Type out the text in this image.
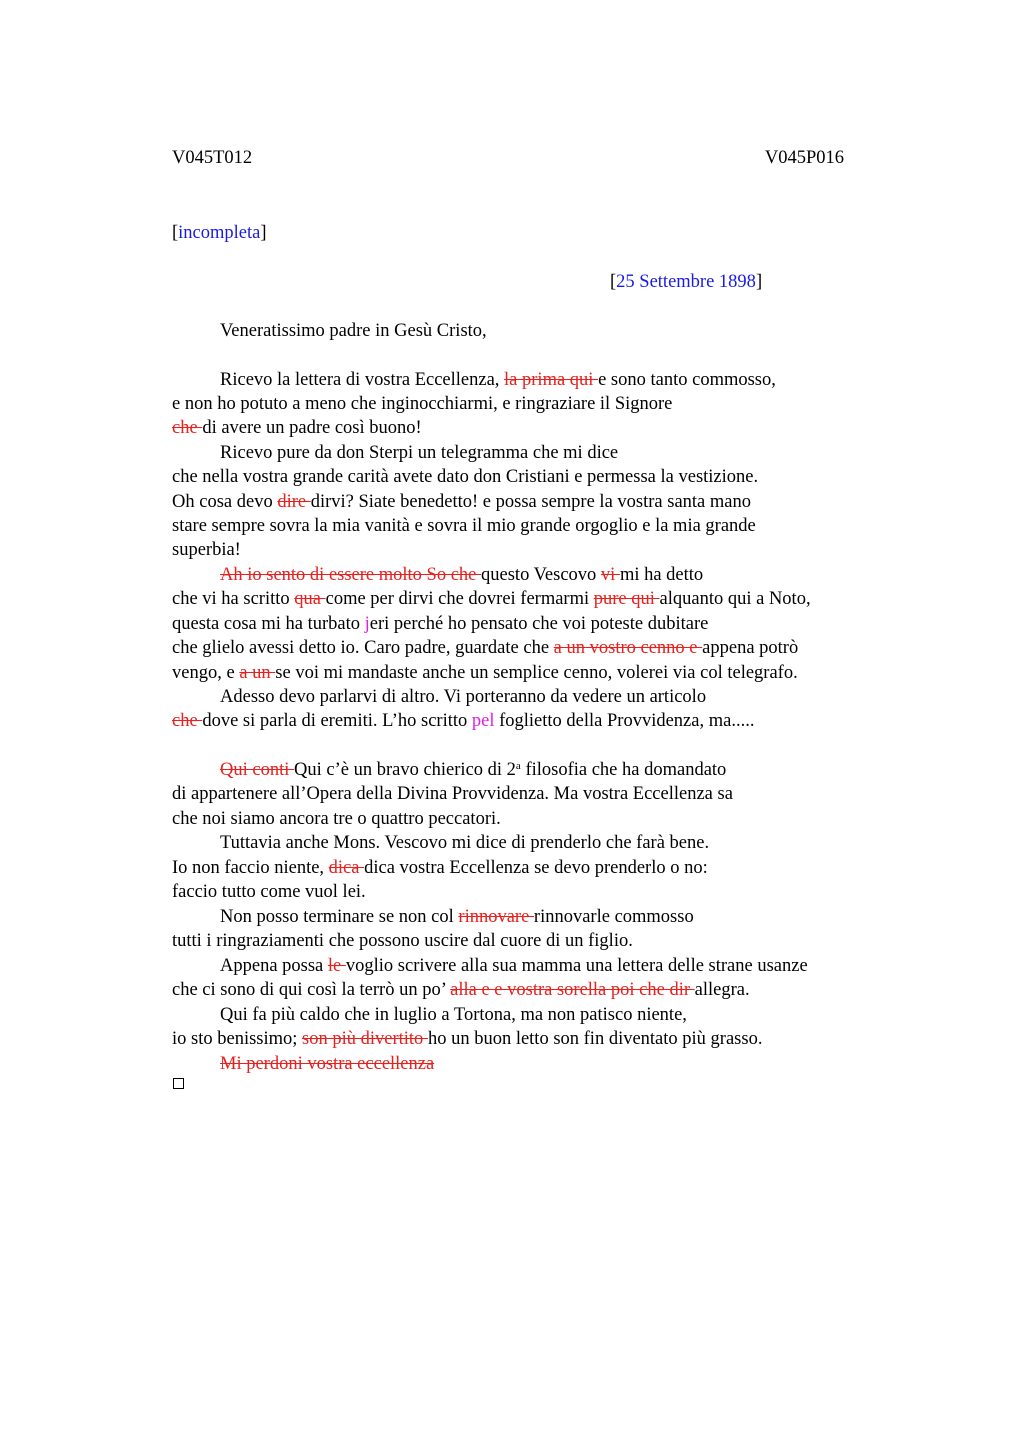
V045T012	V045P016
[incompleta]
[25 Settembre 1898]
Veneratissimo padre in Gesù Cristo,
Ricevo la lettera di vostra Eccellenza, la prima qui e sono tanto commosso,
e non ho potuto a meno che inginocchiarmi, e ringraziare il Signore
che di avere un padre così buono!
Ricevo pure da don Sterpi un telegramma che mi dice
che nella vostra grande carità avete dato don Cristiani e permessa la vestizione.
Oh cosa devo dire dirvi? Siate benedetto! e possa sempre la vostra santa mano
stare sempre sovra la mia vanità e sovra il mio grande orgoglio e la mia grande
superbia!
Ah io sento di essere molto So che questo Vescovo vi mi ha detto
che vi ha scritto qua come per dirvi che dovrei fermarmi pure qui alquanto qui a Noto,
questa cosa mi ha turbato jeri perché ho pensato che voi poteste dubitare
che glielo avessi detto io. Caro padre, guardate che a un vostro cenno e appena potrò
vengo, e a un se voi mi mandaste anche un semplice cenno, volerei via col telegrafo.
Adesso devo parlarvi di altro. Vi porteranno da vedere un articolo
che dove si parla di eremiti. L’ho scritto pel foglietto della Provvidenza, ma.....
Qui conti Qui c’è un bravo chierico di 2$^a$ filosofia che ha domandato
di appartenere all’Opera della Divina Provvidenza. Ma vostra Eccellenza sa
che noi siamo ancora tre o quattro peccatori.
Tuttavia anche Mons. Vescovo mi dice di prenderlo che farà bene.
Io non faccio niente, dica dica vostra Eccellenza se devo prenderlo o no:
faccio tutto come vuol lei.
Non posso terminare se non col rinnovare rinnovarle commosso
tutti i ringraziamenti che possono uscire dal cuore di un figlio.
Appena possa le voglio scrivere alla sua mamma una lettera delle strane usanze
che ci sono di qui così la terrò un po’ alla e e vostra sorella poi che dir allegra.
Qui fa più caldo che in luglio a Tortona, ma non patisco niente,
io sto benissimo; son più divertito ho un buon letto son fin diventato più grasso.
Mi perdoni vostra eccellenza
